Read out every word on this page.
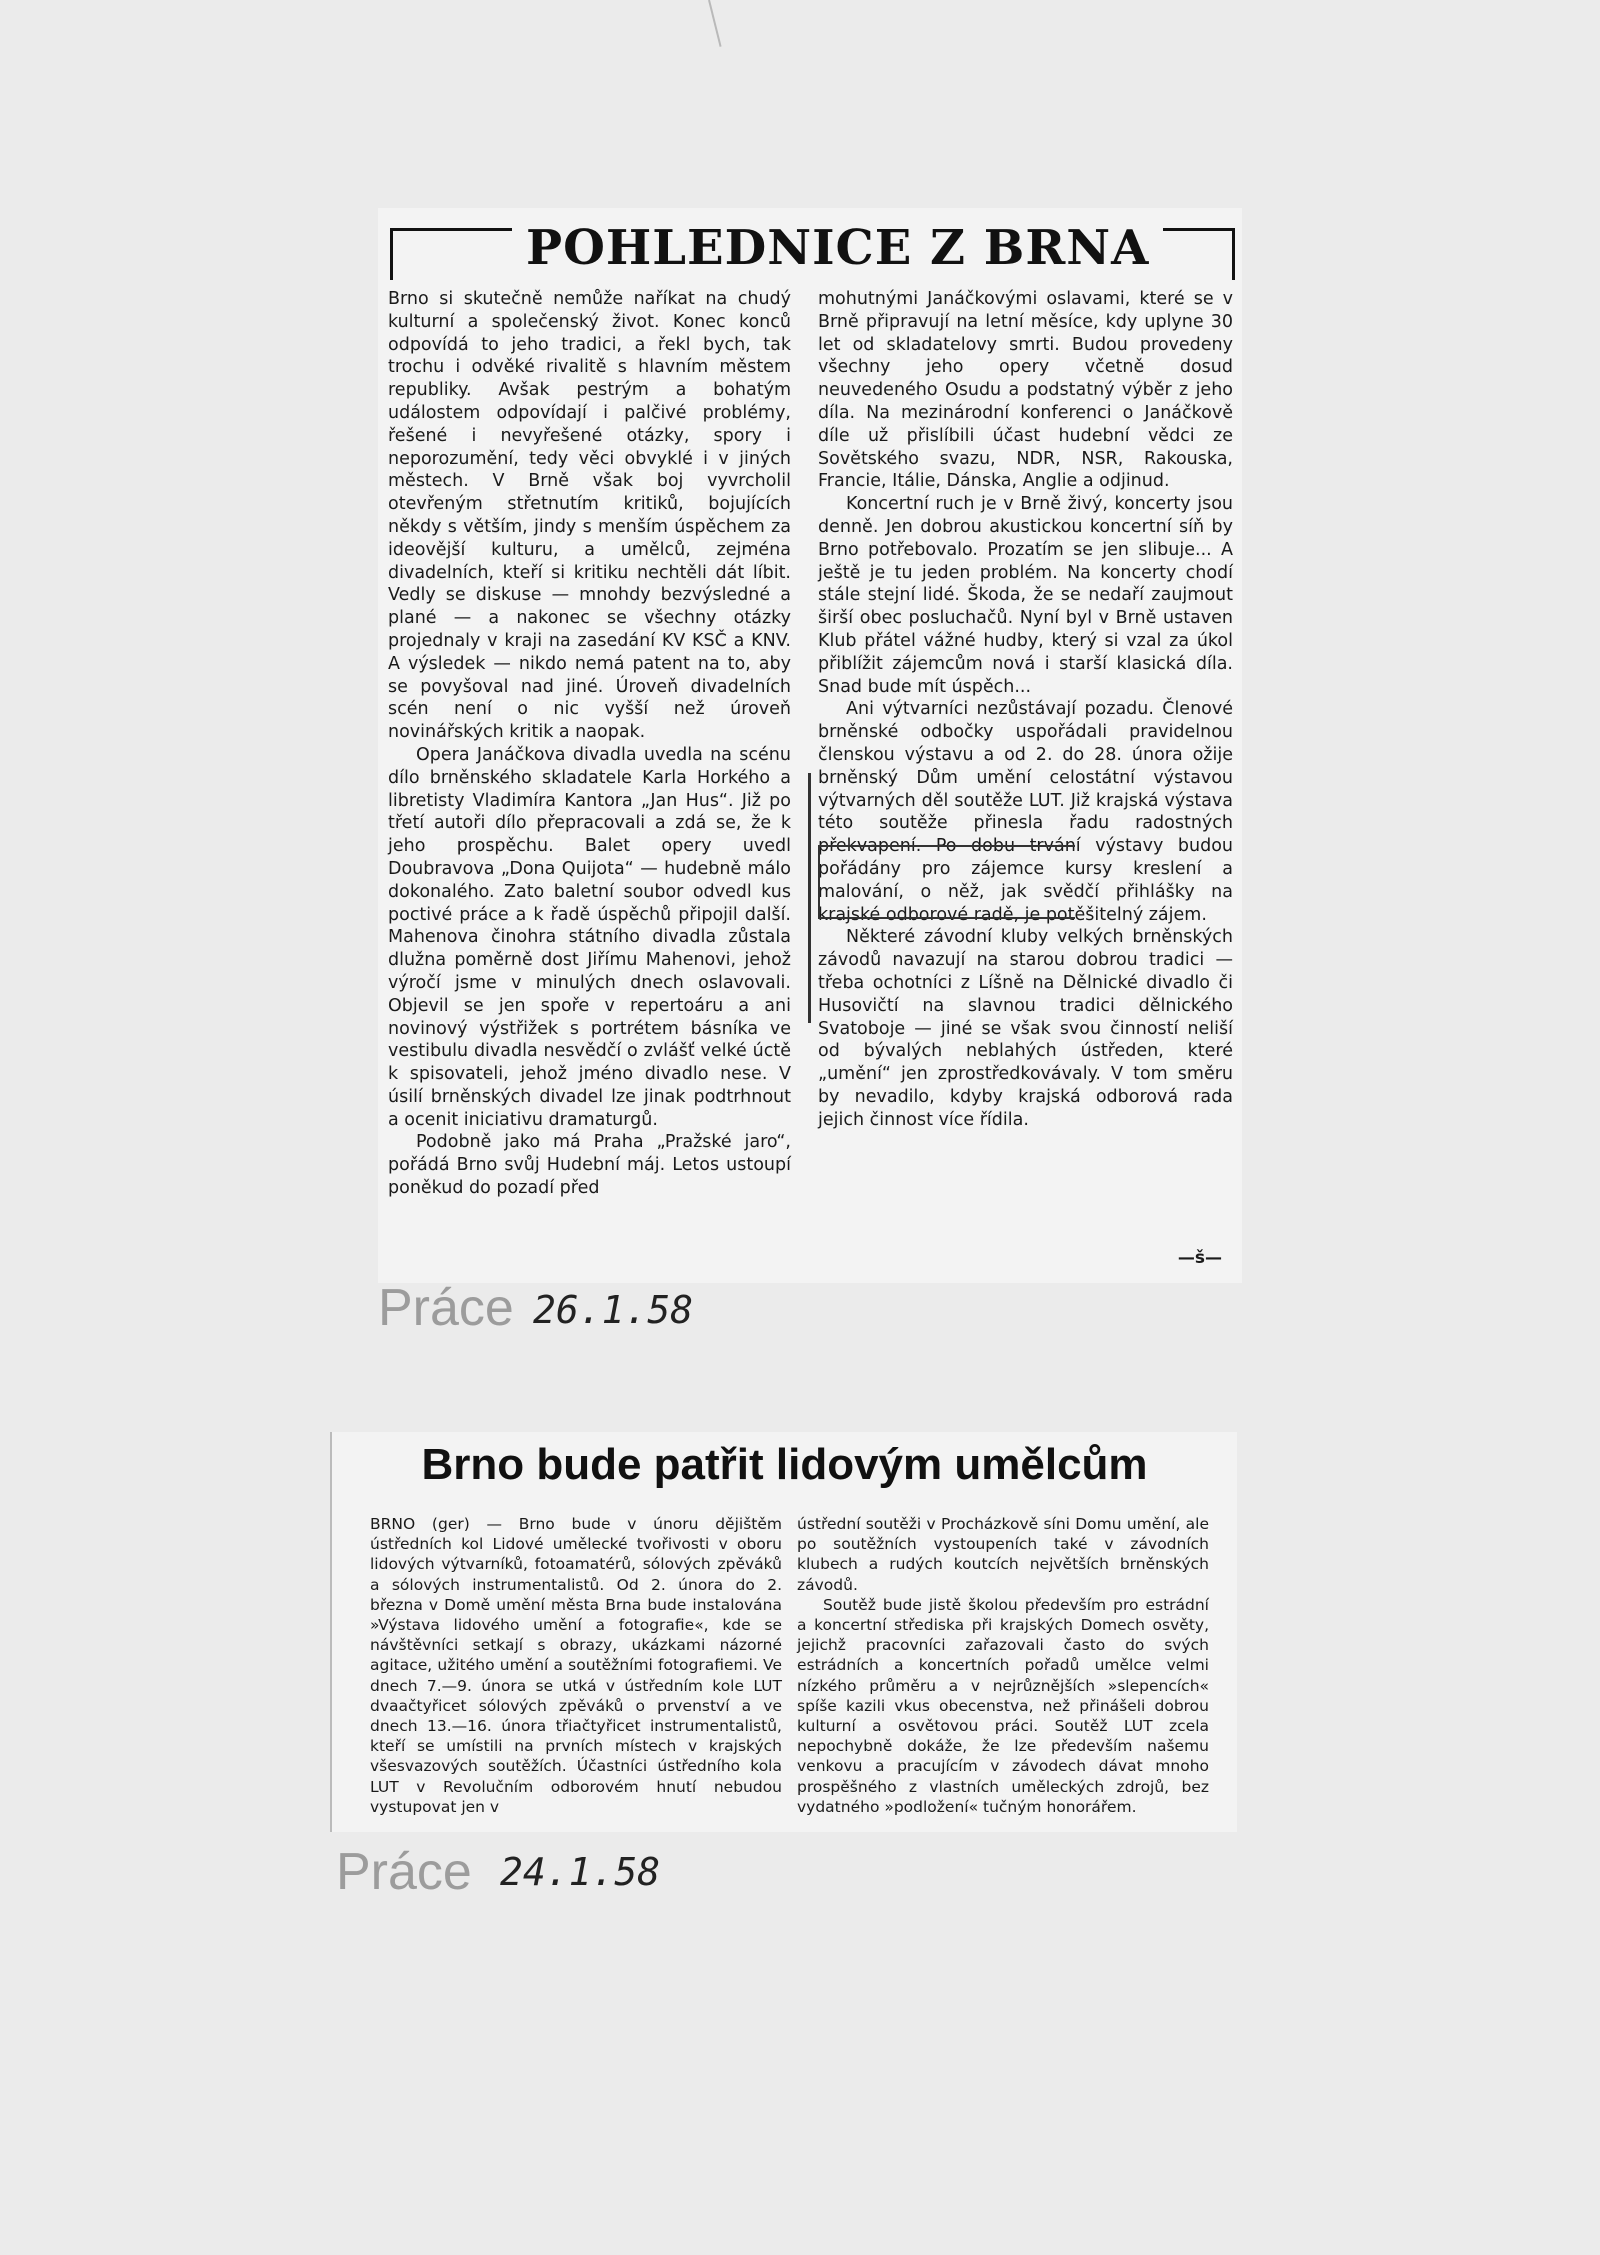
POHLEDNICE Z BRNA

Brno si skutečně nemůže naříkat na chudý kulturní a společenský život. Konec konců odpovídá to jeho tradici, a řekl bych, tak trochu i odvěké rivalitě s hlavním městem republiky. Avšak pestrým a bohatým událostem odpovídají i palčivé problémy, řešené i nevyřešené otázky, spory i neporozumění, tedy věci obvyklé i v jiných městech. V Brně však boj vyvrcholil otevřeným střetnutím kritiků, bojujících někdy s větším, jindy s menším úspěchem za ideovější kulturu, a umělců, zejména divadelních, kteří si kritiku nechtěli dát líbit. Vedly se diskuse — mnohdy bezvýsledné a plané — a nakonec se všechny otázky projednaly v kraji na zasedání KV KSČ a KNV. A výsledek — nikdo nemá patent na to, aby se povyšoval nad jiné. Úroveň divadelních scén není o nic vyšší než úroveň novinářských kritik a naopak.

Opera Janáčkova divadla uvedla na scénu dílo brněnského skladatele Karla Horkého a libretisty Vladimíra Kantora „Jan Hus“. Již po třetí autoři dílo přepracovali a zdá se, že k jeho prospěchu. Balet opery uvedl Doubravova „Dona Quijota“ — hudebně málo dokonalého. Zato baletní soubor odvedl kus poctivé práce a k řadě úspěchů připojil další. Mahenova činohra státního divadla zůstala dlužna poměrně dost Jiřímu Mahenovi, jehož výročí jsme v minulých dnech oslavovali. Objevil se jen spoře v repertoáru a ani novinový výstřižek s portrétem básníka ve vestibulu divadla nesvědčí o zvlášť velké úctě k spisovateli, jehož jméno divadlo nese. V úsilí brněnských divadel lze jinak podtrhnout a ocenit iniciativu dramaturgů.

Podobně jako má Praha „Pražské jaro“, pořádá Brno svůj Hudební máj. Letos ustoupí poněkud do pozadí před

mohutnými Janáčkovými oslavami, které se v Brně připravují na letní měsíce, kdy uplyne 30 let od skladatelovy smrti. Budou provedeny všechny jeho opery včetně dosud neuvedeného Osudu a podstatný výběr z jeho díla. Na mezinárodní konferenci o Janáčkově díle už přislíbili účast hudební vědci ze Sovětského svazu, NDR, NSR, Rakouska, Francie, Itálie, Dánska, Anglie a odjinud.

Koncertní ruch je v Brně živý, koncerty jsou denně. Jen dobrou akustickou koncertní síň by Brno potřebovalo. Prozatím se jen slibuje... A ještě je tu jeden problém. Na koncerty chodí stále stejní lidé. Škoda, že se nedaří zaujmout širší obec posluchačů. Nyní byl v Brně ustaven Klub přátel vážné hudby, který si vzal za úkol přiblížit zájemcům nová i starší klasická díla. Snad bude mít úspěch...

Ani výtvarníci nezůstávají pozadu. Členové brněnské odbočky uspořádali pravidelnou členskou výstavu a od 2. do 28. února ožije brněnský Dům umění celostátní výstavou výtvarných děl soutěže LUT. Již krajská výstava této soutěže přinesla řadu radostných překvapení. Po dobu trvání výstavy budou pořádány pro zájemce kursy kreslení a malování, o něž, jak svědčí přihlášky na krajské odborové radě, je potěšitelný zájem.

Některé závodní kluby velkých brněnských závodů navazují na starou dobrou tradici — třeba ochotníci z Líšně na Dělnické divadlo či Husovičtí na slavnou tradici dělnického Svatoboje — jiné se však svou činností neliší od bývalých neblahých ústředen, které „umění“ jen zprostředkovávaly. V tom směru by nevadilo, kdyby krajská odborová rada jejich činnost více řídila.

—š—
Práce 26.1.58
Brno bude patřit lidovým umělcům

BRNO (ger) — Brno bude v únoru dějištěm ústředních kol Lidové umělecké tvořivosti v oboru lidových výtvarníků, fotoamatérů, sólových zpěváků a sólových instrumentalistů. Od 2. února do 2. března v Domě umění města Brna bude instalována »Výstava lidového umění a fotografie«, kde se návštěvníci setkají s obrazy, ukázkami názorné agitace, užitého umění a soutěžními fotografiemi. Ve dnech 7.—9. února se utká v ústředním kole LUT dvaačtyřicet sólových zpěváků o prvenství a ve dnech 13.—16. února třiačtyřicet instrumentalistů, kteří se umístili na prvních místech v krajských všesvazových soutěžích. Účastníci ústředního kola LUT v Revolučním odborovém hnutí nebudou vystupovat jen v

ústřední soutěži v Procházkově síni Domu umění, ale po soutěžních vystoupeních také v závodních klubech a rudých koutcích největších brněnských závodů.

Soutěž bude jistě školou především pro estrádní a koncertní střediska při krajských Domech osvěty, jejichž pracovníci zařazovali často do svých estrádních a koncertních pořadů umělce velmi nízkého průměru a v nejrůznějších »slepencích« spíše kazili vkus obecenstva, než přinášeli dobrou kulturní a osvětovou práci. Soutěž LUT zcela nepochybně dokáže, že lze především našemu venkovu a pracujícím v závodech dávat mnoho prospěšného z vlastních uměleckých zdrojů, bez vydatného »podložení« tučným honorářem.

Práce 24.1.58
